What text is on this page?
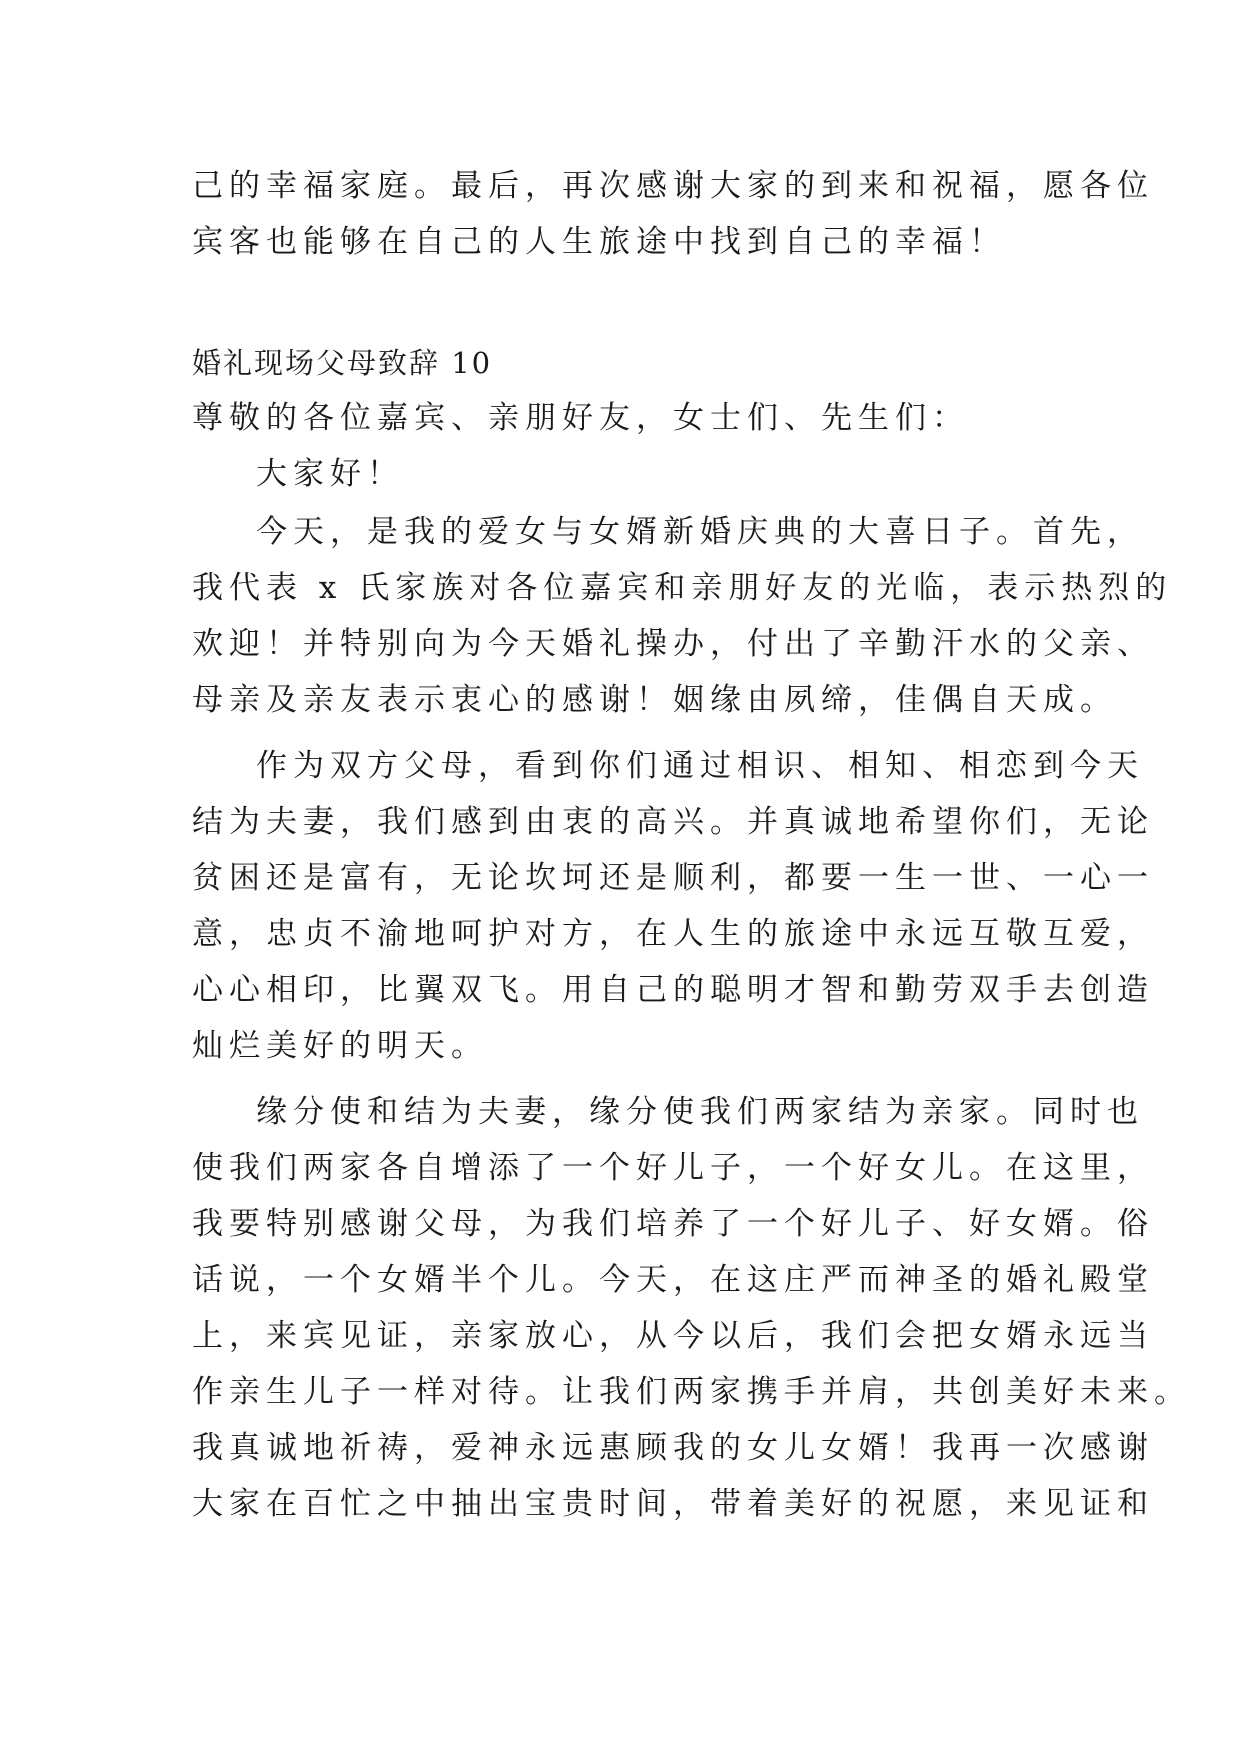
己的幸福家庭。最后，再次感谢大家的到来和祝福，愿各位
宾客也能够在自己的人生旅途中找到自己的幸福！
婚礼现场父母致辞 10
尊敬的各位嘉宾、亲朋好友，女士们、先生们：
大家好！
今天，是我的爱女与女婿新婚庆典的大喜日子。首先，
我代表 x 氏家族对各位嘉宾和亲朋好友的光临，表示热烈的
欢迎！并特别向为今天婚礼操办，付出了辛勤汗水的父亲、
母亲及亲友表示衷心的感谢！姻缘由夙缔，佳偶自天成。
作为双方父母，看到你们通过相识、相知、相恋到今天
结为夫妻，我们感到由衷的高兴。并真诚地希望你们，无论
贫困还是富有，无论坎坷还是顺利，都要一生一世、一心一
意，忠贞不渝地呵护对方，在人生的旅途中永远互敬互爱，
心心相印，比翼双飞。用自己的聪明才智和勤劳双手去创造
灿烂美好的明天。
缘分使和结为夫妻，缘分使我们两家结为亲家。同时也
使我们两家各自增添了一个好儿子，一个好女儿。在这里，
我要特别感谢父母，为我们培养了一个好儿子、好女婿。俗
话说，一个女婿半个儿。今天，在这庄严而神圣的婚礼殿堂
上，来宾见证，亲家放心，从今以后，我们会把女婿永远当
作亲生儿子一样对待。让我们两家携手并肩，共创美好未来。
我真诚地祈祷，爱神永远惠顾我的女儿女婿！我再一次感谢
大家在百忙之中抽出宝贵时间，带着美好的祝愿，来见证和
